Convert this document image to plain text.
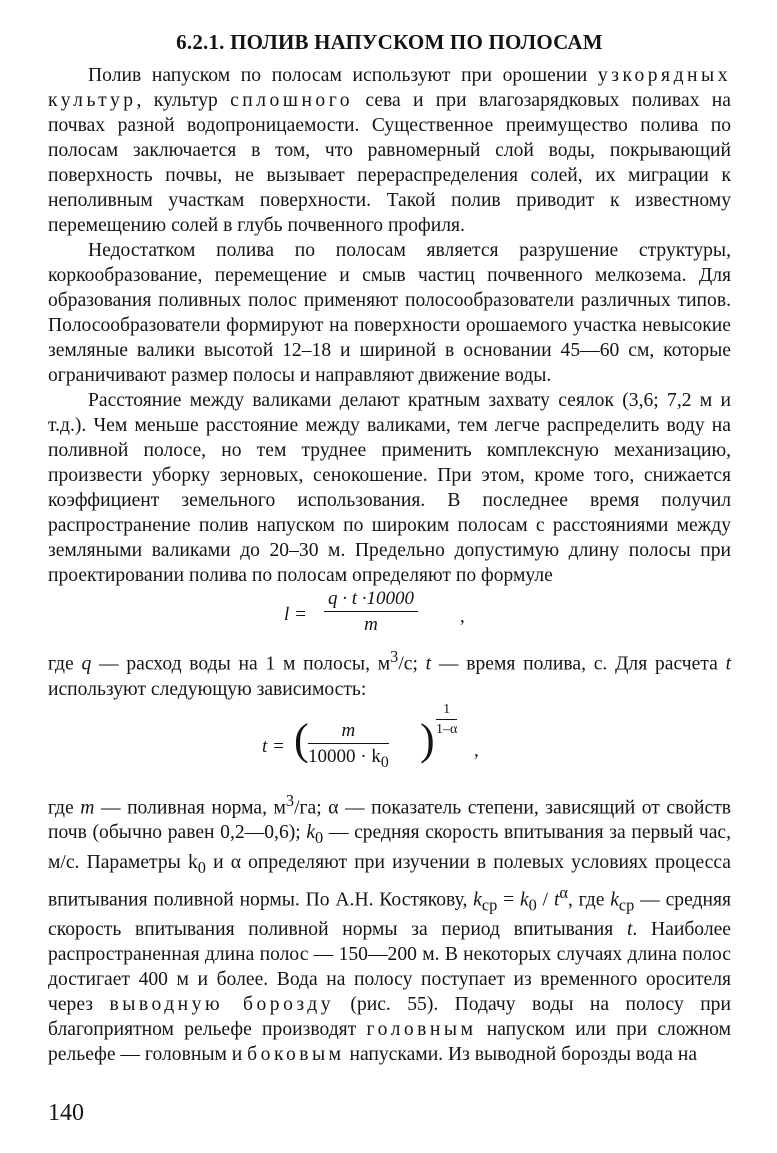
6.2.1. ПОЛИВ НАПУСКОМ ПО ПОЛОСАМ

Полив напуском по полосам используют при орошении узкорядных культур, культур сплошного сева и при влагозарядковых поливах на почвах разной водопроницаемости. Существенное преимущество полива по полосам заключается в том, что равномерный слой воды, покрывающий поверхность почвы, не вызывает перераспределения солей, их миграции к неполивным участкам поверхности. Такой полив приводит к известному перемещению солей в глубь почвенного профиля.

Недостатком полива по полосам является разрушение структуры, коркообразование, перемещение и смыв частиц почвенного мелкозема. Для образования поливных полос применяют полосообразователи различных типов. Полосообразователи формируют на поверхности орошаемого участка невысокие земляные валики высотой 12–18 и шириной в основании 45—60 см, которые ограничивают размер полосы и направляют движение воды.

Расстояние между валиками делают кратным захвату сеялок (3,6; 7,2 м и т.д.). Чем меньше расстояние между валиками, тем легче распределить воду на поливной полосе, но тем труднее применить комплексную механизацию, произвести уборку зерновых, сенокошение. При этом, кроме того, снижается коэффициент земельного использования. В последнее время получил распространение полив напуском по широким полосам с расстояниями между земляными валиками до 20–30 м. Предельно допустимую длину полосы при проектировании полива по полосам определяют по формуле

$l = \frac{q \cdot t \cdot 10000}{m}$ ,

где q — расход воды на 1 м полосы, $м^3/с$; t — время полива, с. Для расчета t используют следующую зависимость:

t = ( $\frac{m}{10000 \cdot k_0}$ ) $\frac{1}{1-\alpha}$
,

где m — поливная норма, $м^3/га$; α — показатель степени, зависящий от свойств почв (обычно равен 0,2—0,6); $k_0$ — средняя скорость впитывания за первый час, м/с. Параметры $k_0$ и α определяют при изучении в полевых условиях процесса впитывания поливной нормы. По А.Н. Костякову, $k_{ср} = k_0 / t^\alpha$, где $k_{ср}$ — средняя скорость впитывания поливной нормы за период впитывания t. Наиболее распространенная длина полос — 150—200 м. В некоторых случаях длина полос достигает 400 м и более. Вода на полосу поступает из временного оросителя через выводную борозду (рис. 55). Подачу воды на полосу при благоприятном рельефе производят головным напуском или при сложном рельефе — головным и боковым напусками. Из выводной борозды вода на

140
